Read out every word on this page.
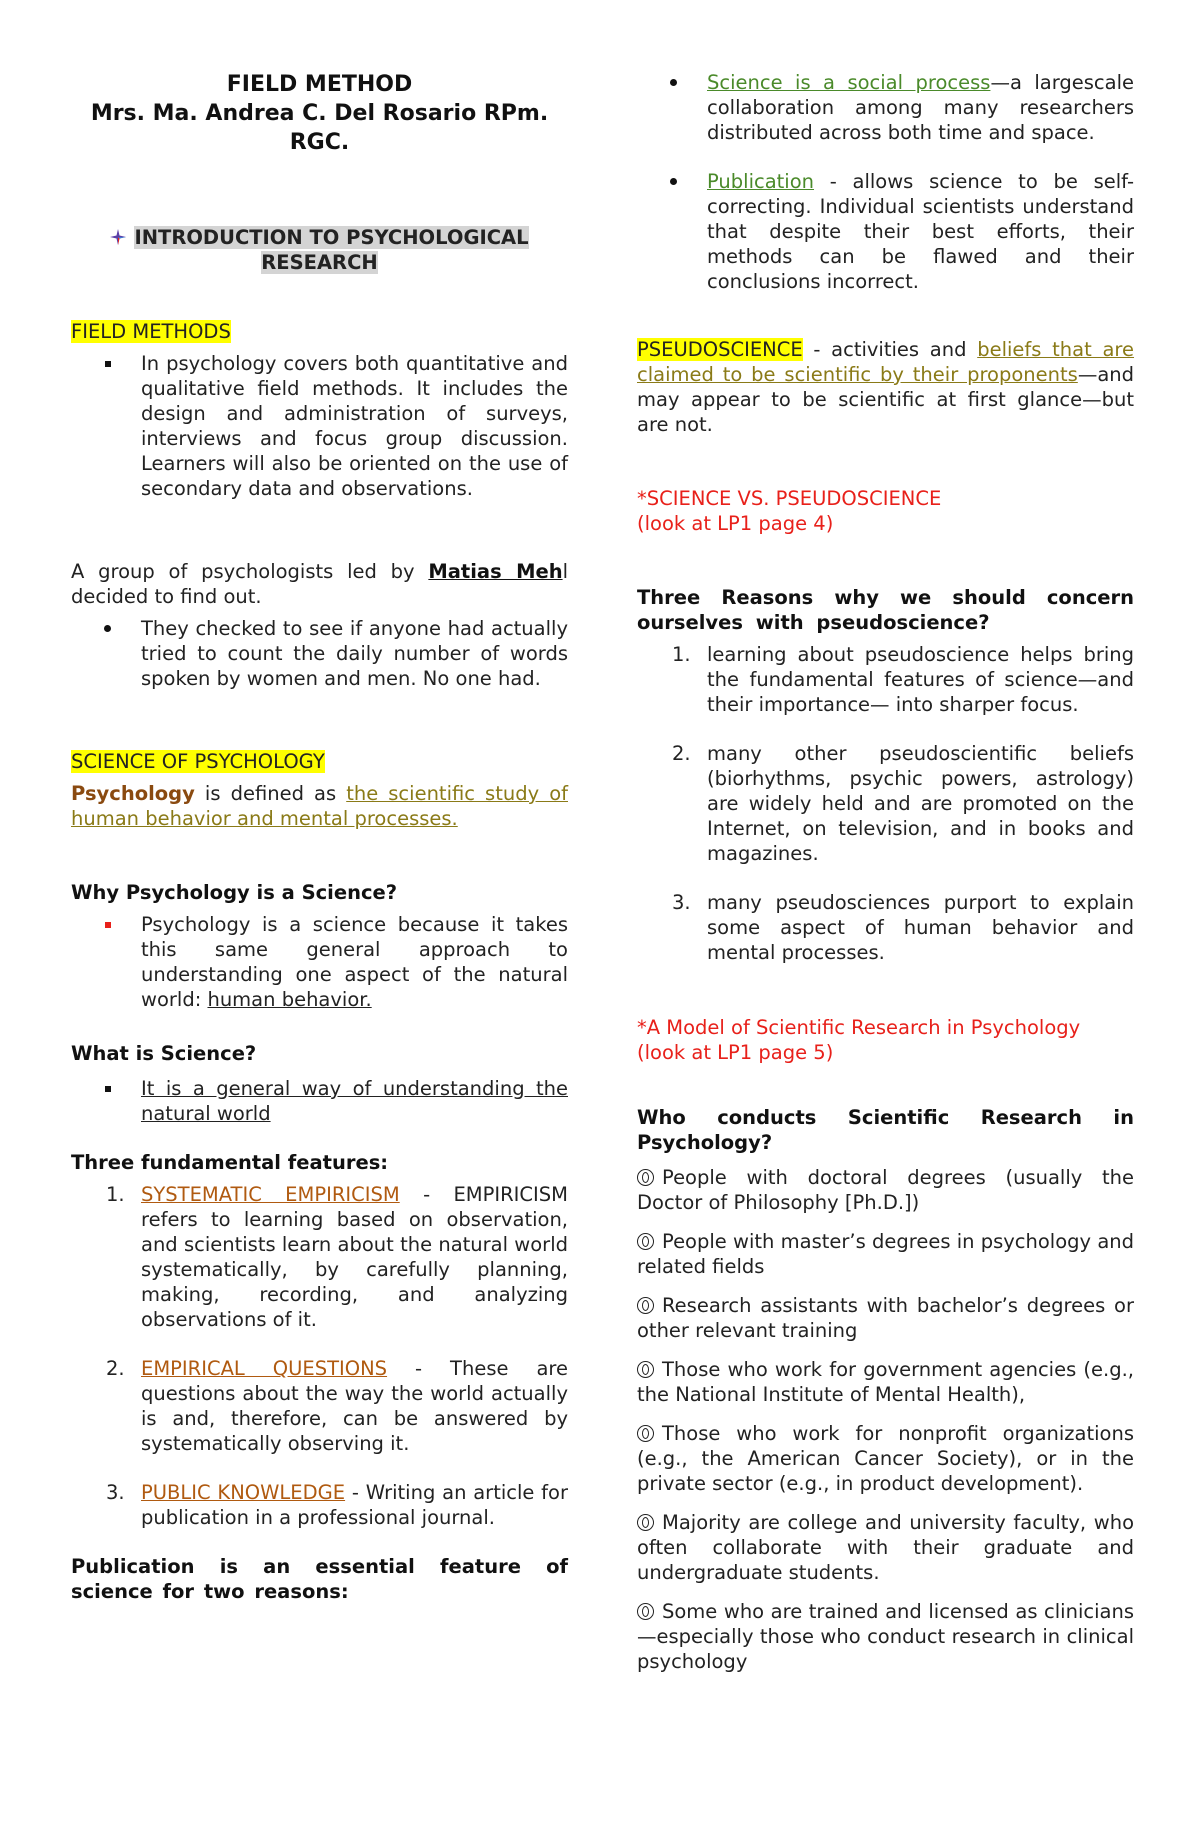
FIELD METHOD
Mrs. Ma. Andrea C. Del Rosario RPm.
RGC.
INTRODUCTION TO PSYCHOLOGICAL
RESEARCH
FIELD METHODS
In psychology covers both quantitative and qualitative field methods. It includes the design and administration of surveys, interviews and focus group discussion. Learners will also be oriented on the use of secondary data and observations.
A group of psychologists led by Matias Mehl decided to find out.
They checked to see if anyone had actually tried to count the daily number of words spoken by women and men. No one had.
SCIENCE OF PSYCHOLOGY
Psychology is defined as the scientific study of human behavior and mental processes.
Why Psychology is a Science?
Psychology is a science because it takes this same general approach to understanding one aspect of the natural world: human behavior.
What is Science?
It is a general way of understanding the natural world
Three fundamental features:
1. SYSTEMATIC EMPIRICISM - EMPIRICISM refers to learning based on observation, and scientists learn about the natural world systematically, by carefully planning, making, recording, and analyzing observations of it.
2. EMPIRICAL QUESTIONS - These are questions about the way the world actually is and, therefore, can be answered by systematically observing it.
3. PUBLIC KNOWLEDGE - Writing an article for publication in a professional journal.
Publication is an essential feature of science for two reasons:
Science is a social process—a largescale collaboration among many researchers distributed across both time and space.
Publication - allows science to be self-correcting. Individual scientists understand that despite their best efforts, their methods can be flawed and their conclusions incorrect.
PSEUDOSCIENCE - activities and beliefs that are claimed to be scientific by their proponents—and may appear to be scientific at first glance—but are not.
*SCIENCE VS. PSEUDOSCIENCE
(look at LP1 page 4)
Three Reasons why we should concern ourselves with pseudoscience?
1. learning about pseudoscience helps bring the fundamental features of science—and their importance— into sharper focus.
2. many other pseudoscientific beliefs (biorhythms, psychic powers, astrology) are widely held and are promoted on the Internet, on television, and in books and magazines.
3. many pseudosciences purport to explain some aspect of human behavior and mental processes.
*A Model of Scientific Research in Psychology
(look at LP1 page 5)
Who conducts Scientific Research in Psychology?
People with doctoral degrees (usually the Doctor of Philosophy [Ph.D.])
People with master’s degrees in psychology and related fields
Research assistants with bachelor’s degrees or other relevant training
Those who work for government agencies (e.g., the National Institute of Mental Health),
Those who work for nonprofit organizations (e.g., the American Cancer Society), or in the private sector (e.g., in product development).
Majority are college and university faculty, who often collaborate with their graduate and undergraduate students.
Some who are trained and licensed as clinicians—especially those who conduct research in clinical psychology
